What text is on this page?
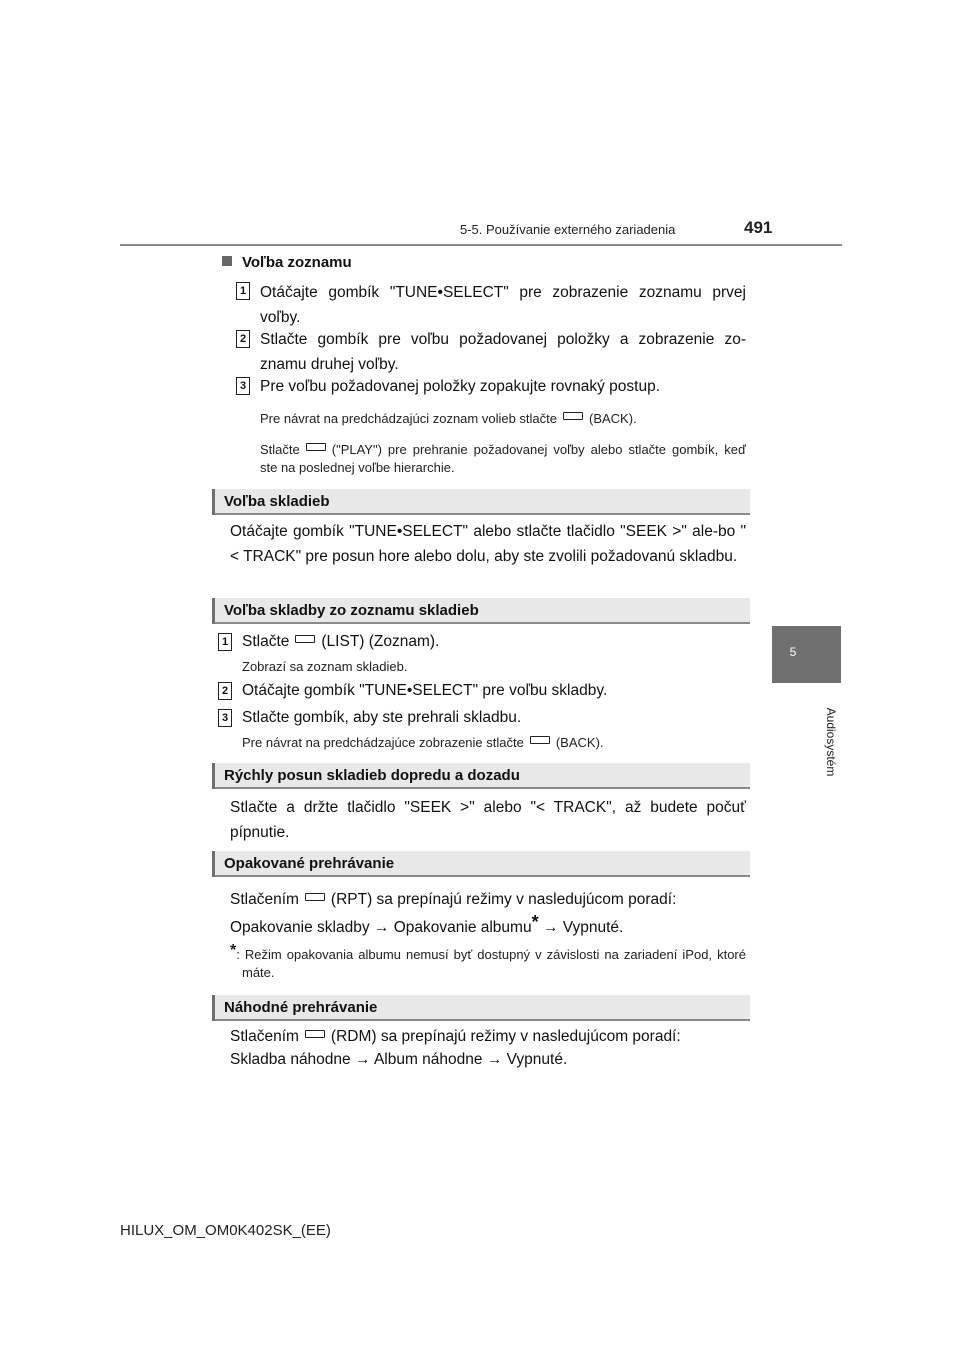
5-5. Používanie externého zariadenia	491
5
Audiosystém
Voľba zoznamu
1 Otáčajte gombík "TUNE•SELECT" pre zobrazenie zoznamu prvej voľby.
2 Stlačte gombík pre voľbu požadovanej položky a zobrazenie zo-znamu druhej voľby.
3 Pre voľbu požadovanej položky zopakujte rovnaký postup.
Pre návrat na predchádzajúci zoznam volieb stlačte (BACK).
Stlačte ("PLAY") pre prehranie požadovanej voľby alebo stlačte gombík, keď ste na poslednej voľbe hierarchie.
Voľba skladieb
Otáčajte gombík "TUNE•SELECT" alebo stlačte tlačidlo "SEEK >" ale-bo "< TRACK" pre posun hore alebo dolu, aby ste zvolili požadovanú skladbu.
Voľba skladby zo zoznamu skladieb
1 Stlačte (LIST) (Zoznam).
Zobrazí sa zoznam skladieb.
2 Otáčajte gombík "TUNE•SELECT" pre voľbu skladby.
3 Stlačte gombík, aby ste prehrali skladbu.
Pre návrat na predchádzajúce zobrazenie stlačte (BACK).
Rýchly posun skladieb dopredu a dozadu
Stlačte a držte tlačidlo "SEEK >" alebo "< TRACK", až budete počuť pípnutie.
Opakované prehrávanie
Stlačením (RPT) sa prepínajú režimy v nasledujúcom poradí:
Opakovanie skladby → Opakovanie albumu* → Vypnuté.
*: Režim opakovania albumu nemusí byť dostupný v závislosti na zariadení iPod, ktoré máte.
Náhodné prehrávanie
Stlačením (RDM) sa prepínajú režimy v nasledujúcom poradí:
Skladba náhodne → Album náhodne → Vypnuté.
HILUX_OM_OM0K402SK_(EE)
